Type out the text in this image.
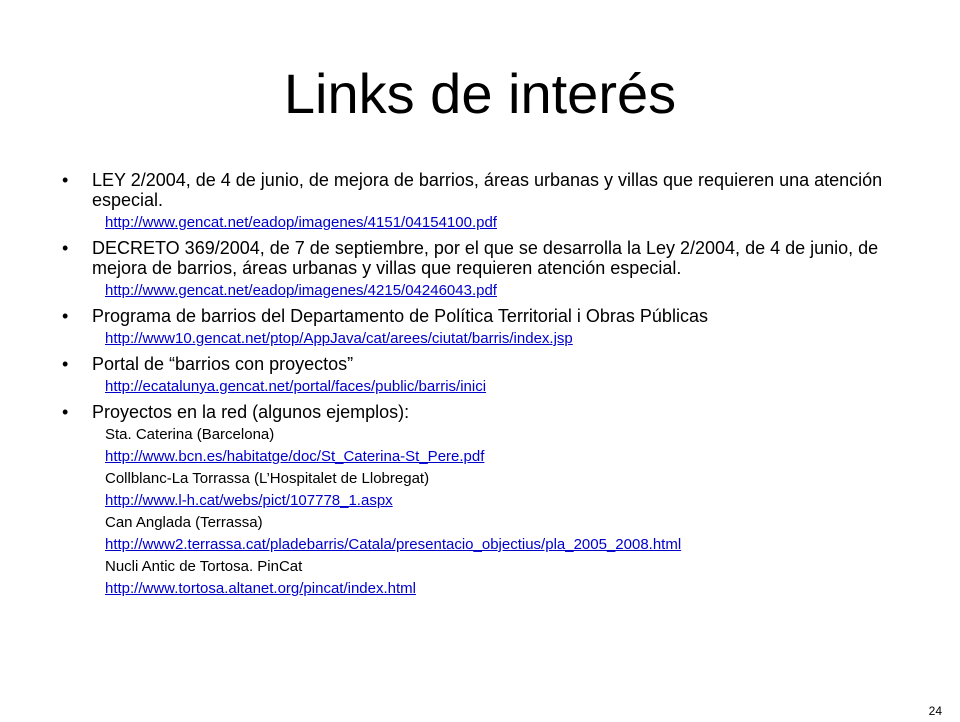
Links de interés
• LEY 2/2004, de 4 de junio, de mejora de barrios, áreas urbanas y villas que requieren una atención especial.
http://www.gencat.net/eadop/imagenes/4151/04154100.pdf
• DECRETO 369/2004, de 7 de septiembre, por el que se desarrolla la Ley 2/2004, de 4 de junio, de mejora de barrios, áreas urbanas y villas que requieren atención especial.
http://www.gencat.net/eadop/imagenes/4215/04246043.pdf
• Programa de barrios del Departamento de Política Territorial i Obras Públicas
http://www10.gencat.net/ptop/AppJava/cat/arees/ciutat/barris/index.jsp
• Portal de “barrios con proyectos”
http://ecatalunya.gencat.net/portal/faces/public/barris/inici
• Proyectos en la red (algunos ejemplos):
Sta. Caterina (Barcelona)
http://www.bcn.es/habitatge/doc/St_Caterina-St_Pere.pdf
Collblanc-La Torrassa (L’Hospitalet de Llobregat)
http://www.l-h.cat/webs/pict/107778_1.aspx
Can Anglada (Terrassa)
http://www2.terrassa.cat/pladebarris/Catala/presentacio_objectius/pla_2005_2008.html
Nucli Antic de Tortosa. PinCat
http://www.tortosa.altanet.org/pincat/index.html
24
